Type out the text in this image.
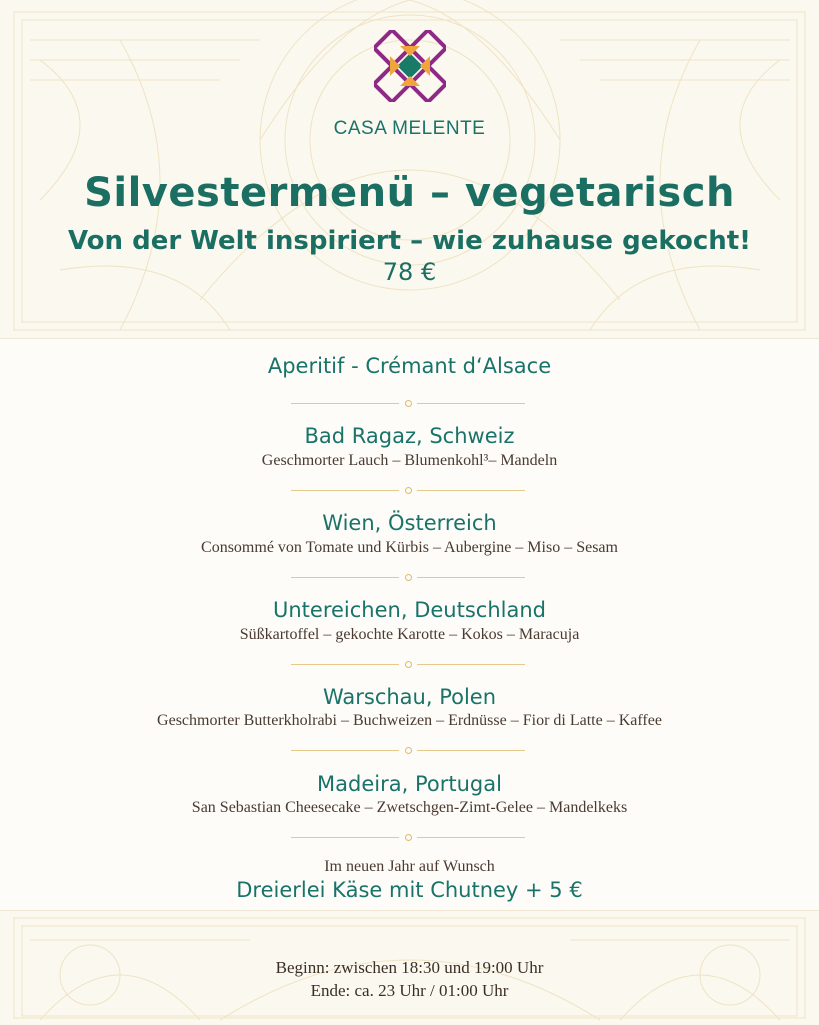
CASA MELENTE
Silvestermenü – vegetarisch
Von der Welt inspiriert – wie zuhause gekocht!
78 €
Aperitif - Crémant d‘Alsace
Bad Ragaz, Schweiz
Geschmorter Lauch – Blumenkohl³– Mandeln
Wien, Österreich
Consommé von Tomate und Kürbis – Aubergine – Miso – Sesam
Untereichen, Deutschland
Süßkartoffel – gekochte Karotte – Kokos – Maracuja
Warschau, Polen
Geschmorter Butterkholrabi – Buchweizen – Erdnüsse – Fior di Latte – Kaffee
Madeira, Portugal
San Sebastian Cheesecake – Zwetschgen-Zimt-Gelee – Mandelkeks
Im neuen Jahr auf Wunsch
Dreierlei Käse mit Chutney + 5 €
Beginn: zwischen 18:30 und 19:00 Uhr
Ende: ca. 23 Uhr / 01:00 Uhr
